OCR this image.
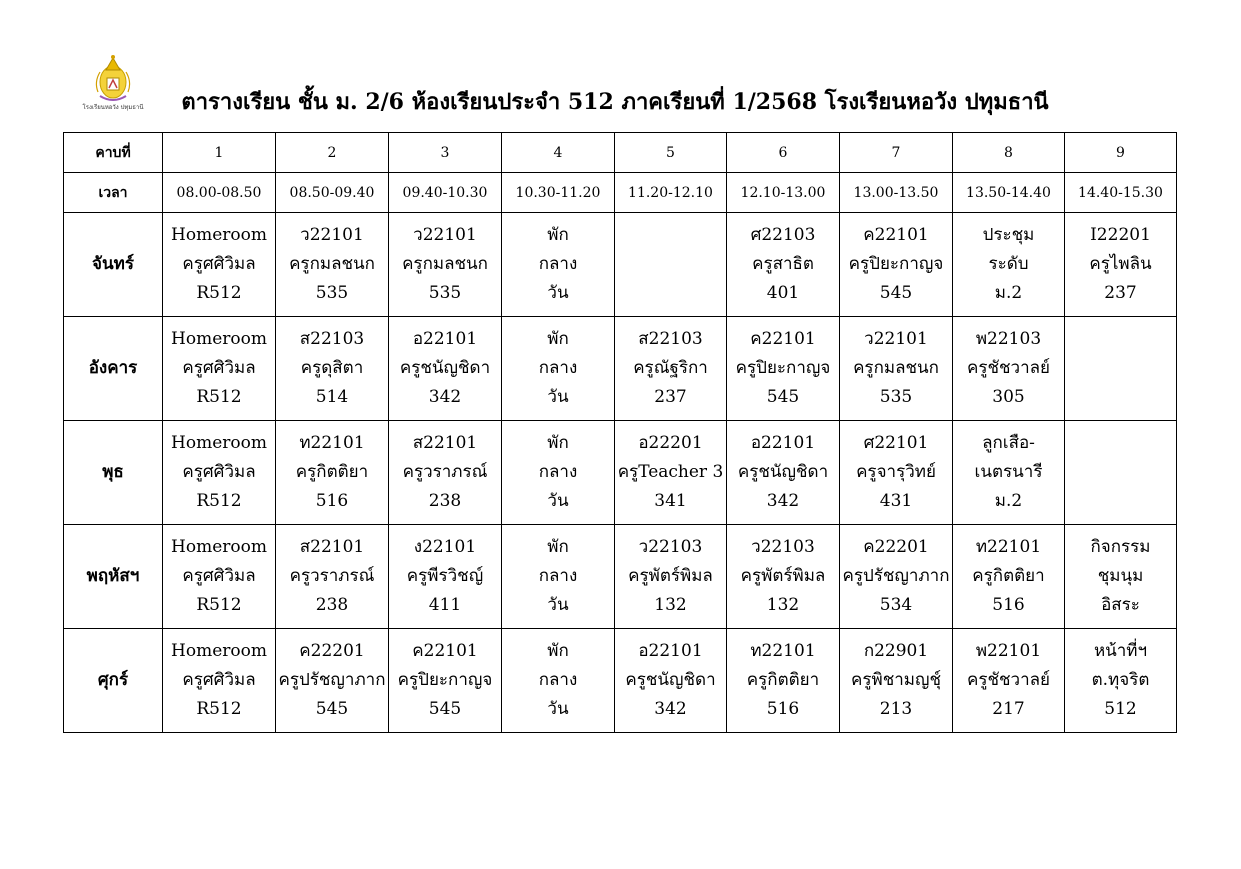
โรงเรียนหอวัง ปทุมธานี	ตารางเรียน ชั้น ม. 2/6 ห้องเรียนประจำ 512 ภาคเรียนที่ 1/2568 โรงเรียนหอวัง ปทุมธานี
คาบที่	1	2	3	4	5	6	7	8	9
เวลา	08.00-08.50	08.50-09.40	09.40-10.30	10.30-11.20	11.20-12.10	12.10-13.00	13.00-13.50	13.50-14.40	14.40-15.30
จันทร์	Homeroom
ครูศศิวิมล
R512	ว22101
ครูกมลชนก
535	ว22101
ครูกมลชนก
535	พัก
กลาง
วัน		ศ22103
ครูสาธิต
401	ค22101
ครูปิยะกาญจ
545	ประชุม
ระดับ
ม.2	I22201
ครูไพลิน
237

อังคาร	Homeroom
ครูศศิวิมล
R512	ส22103
ครูดุสิตา
514	อ22101
ครูชนัญชิดา
342	พัก
กลาง
วัน	ส22103
ครูณัฐริกา
237	ค22101
ครูปิยะกาญจ
545	ว22101
ครูกมลชนก
535	พ22103
ครูชัชวาลย์
305	

พุธ	Homeroom
ครูศศิวิมล
R512	ท22101
ครูกิตติยา
516	ส22101
ครูวราภรณ์
238	พัก
กลาง
วัน	อ22201
ครูTeacher 3
341	อ22101
ครูชนัญชิดา
342	ศ22101
ครูจารุวิทย์
431	ลูกเสือ-
เนตรนารี
ม.2	

พฤหัสฯ	Homeroom
ครูศศิวิมล
R512	ส22101
ครูวราภรณ์
238	ง22101
ครูพีรวิชญ์
411	พัก
กลาง
วัน	ว22103
ครูพัตร์พิมล
132	ว22103
ครูพัตร์พิมล
132	ค22201
ครูปรัชญาภาก
534	ท22101
ครูกิตติยา
516	กิจกรรม
ชุมนุม
อิสระ

ศุกร์	Homeroom
ครูศศิวิมล
R512	ค22201
ครูปรัชญาภาก
545	ค22101
ครูปิยะกาญจ
545	พัก
กลาง
วัน	อ22101
ครูชนัญชิดา
342	ท22101
ครูกิตติยา
516	ก22901
ครูพิชามญชุ์
213	พ22101
ครูชัชวาลย์
217	หน้าที่ฯ
ต.ทุจริต
512
